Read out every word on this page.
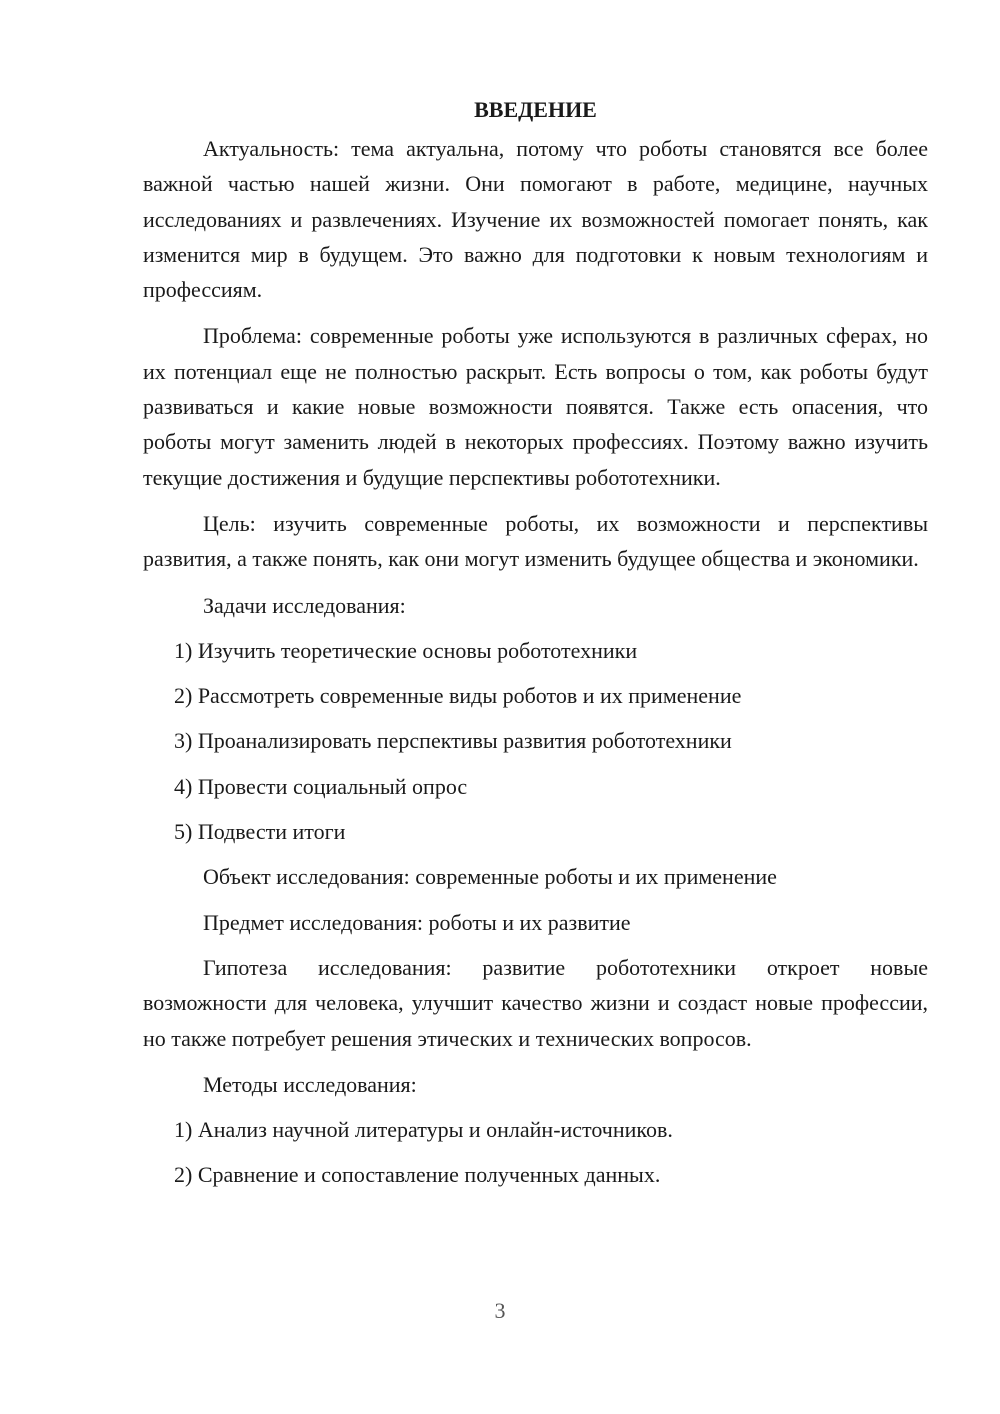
ВВЕДЕНИЕ

Актуальность: тема актуальна, потому что роботы становятся все более важной частью нашей жизни. Они помогают в работе, медицине, научных исследованиях и развлечениях. Изучение их возможностей помогает понять, как изменится мир в будущем. Это важно для подготовки к новым технологиям и профессиям.

Проблема: современные роботы уже используются в различных сферах, но их потенциал еще не полностью раскрыт. Есть вопросы о том, как роботы будут развиваться и какие новые возможности появятся. Также есть опасения, что роботы могут заменить людей в некоторых профессиях. Поэтому важно изучить текущие достижения и будущие перспективы робототехники.

Цель: изучить современные роботы, их возможности и перспективы развития, а также понять, как они могут изменить будущее общества и экономики.

Задачи исследования:

1) Изучить теоретические основы робототехники

2) Рассмотреть современные виды роботов и их применение

3) Проанализировать перспективы развития робототехники

4) Провести социальный опрос

5) Подвести итоги

Объект исследования: современные роботы и их применение

Предмет исследования: роботы и их развитие

Гипотеза исследования: развитие робототехники откроет новые возможности для человека, улучшит качество жизни и создаст новые профессии, но также потребует решения этических и технических вопросов.

Методы исследования:

1) Анализ научной литературы и онлайн-источников.

2) Сравнение и сопоставление полученных данных.

3
